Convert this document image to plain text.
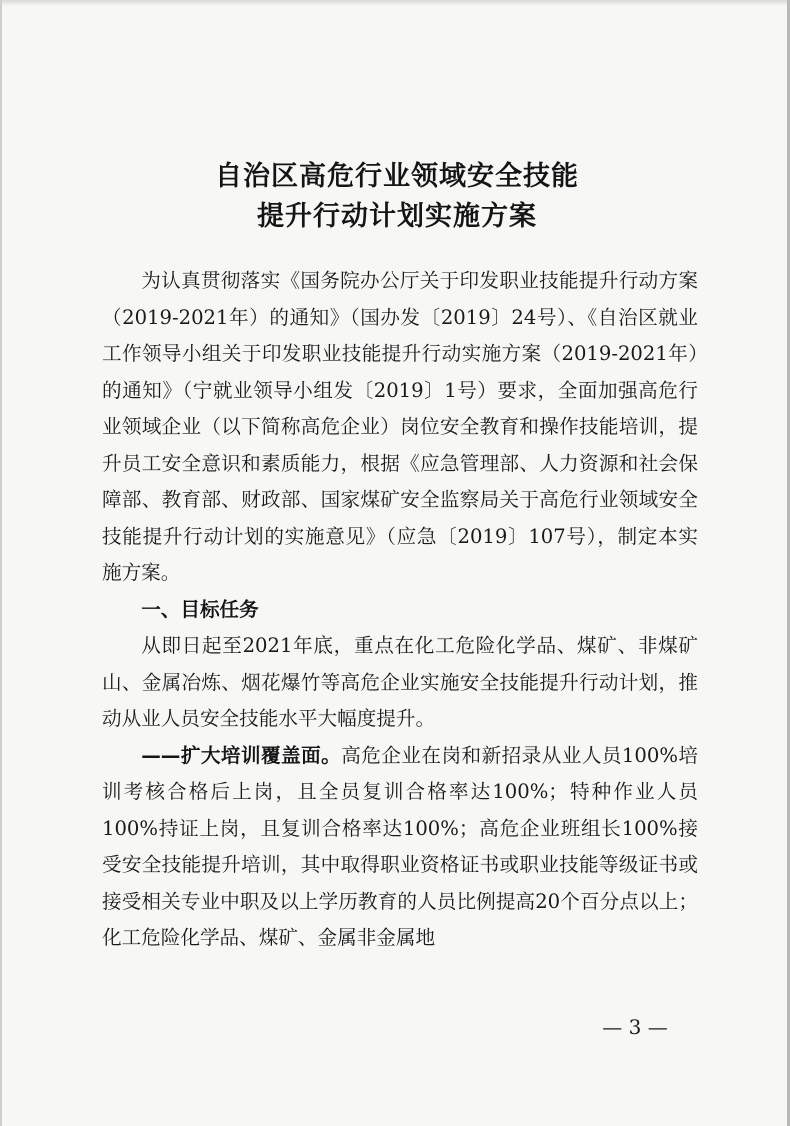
自治区高危行业领域安全技能
提升行动计划实施方案

为认真贯彻落实《国务院办公厅关于印发职业技能提升行动方案（2019-2021年）的通知》（国办发〔2019〕24号）、《自治区就业工作领导小组关于印发职业技能提升行动实施方案（2019-2021年）的通知》（宁就业领导小组发〔2019〕1号）要求，全面加强高危行业领域企业（以下简称高危企业）岗位安全教育和操作技能培训，提升员工安全意识和素质能力，根据《应急管理部、人力资源和社会保障部、教育部、财政部、国家煤矿安全监察局关于高危行业领域安全技能提升行动计划的实施意见》（应急〔2019〕107号），制定本实施方案。

一、目标任务

从即日起至2021年底，重点在化工危险化学品、煤矿、非煤矿山、金属冶炼、烟花爆竹等高危企业实施安全技能提升行动计划，推动从业人员安全技能水平大幅度提升。

——扩大培训覆盖面。高危企业在岗和新招录从业人员100%培训考核合格后上岗，且全员复训合格率达100%；特种作业人员100%持证上岗，且复训合格率达100%；高危企业班组长100%接受安全技能提升培训，其中取得职业资格证书或职业技能等级证书或接受相关专业中职及以上学历教育的人员比例提高20个百分点以上；化工危险化学品、煤矿、金属非金属地

— 3 —
